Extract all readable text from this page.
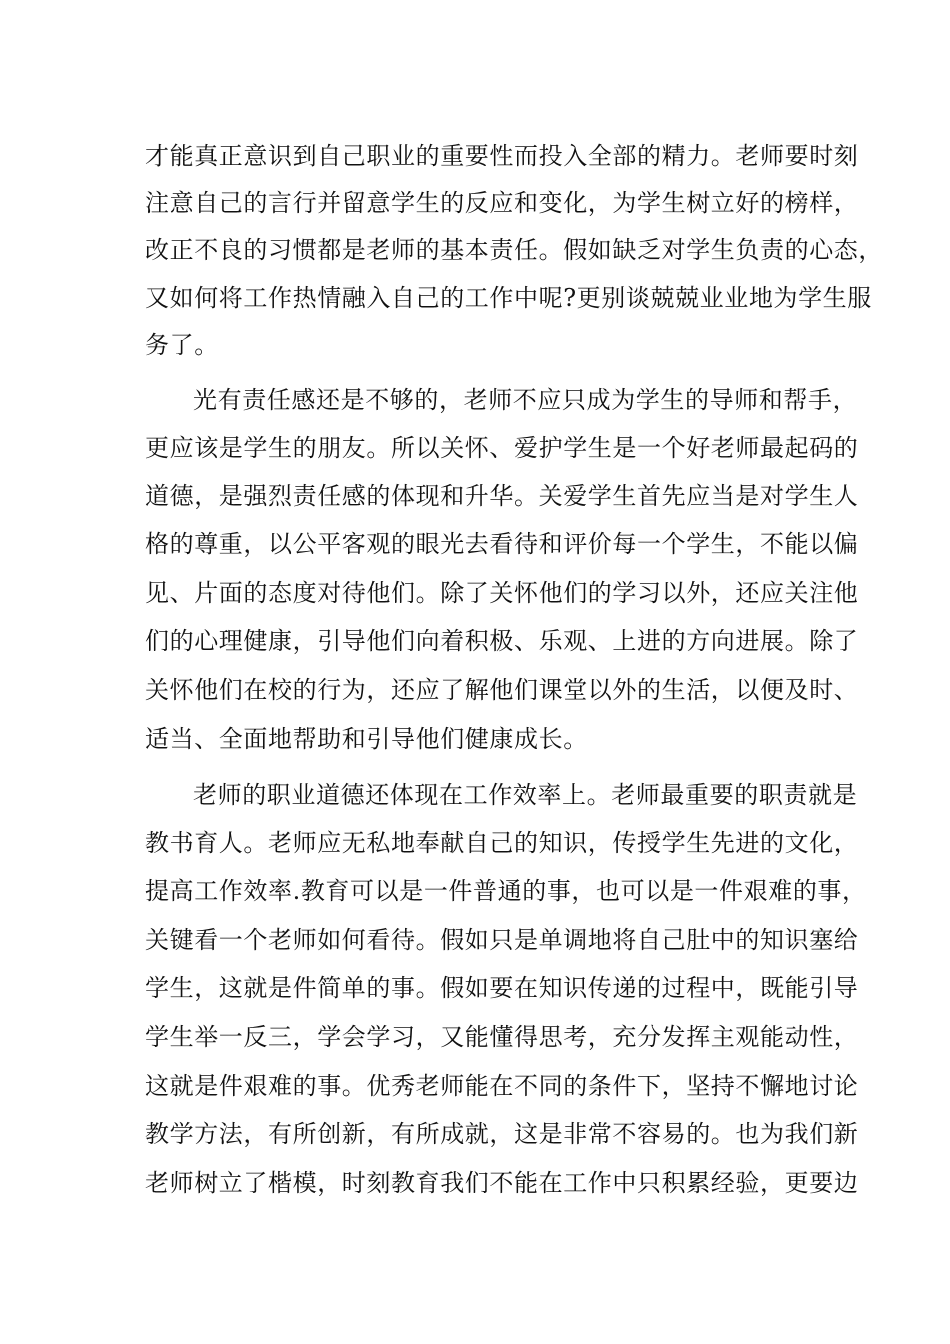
才能真正意识到自己职业的重要性而投入全部的精力。老师要时刻
注意自己的言行并留意学生的反应和变化，为学生树立好的榜样，
改正不良的习惯都是老师的基本责任。假如缺乏对学生负责的心态，
又如何将工作热情融入自己的工作中呢?更别谈兢兢业业地为学生服
务了。
光有责任感还是不够的，老师不应只成为学生的导师和帮手，
更应该是学生的朋友。所以关怀、爱护学生是一个好老师最起码的
道德，是强烈责任感的体现和升华。关爱学生首先应当是对学生人
格的尊重，以公平客观的眼光去看待和评价每一个学生，不能以偏
见、片面的态度对待他们。除了关怀他们的学习以外，还应关注他
们的心理健康，引导他们向着积极、乐观、上进的方向进展。除了
关怀他们在校的行为，还应了解他们课堂以外的生活，以便及时、
适当、全面地帮助和引导他们健康成长。
老师的职业道德还体现在工作效率上。老师最重要的职责就是
教书育人。老师应无私地奉献自己的知识，传授学生先进的文化，
提高工作效率.教育可以是一件普通的事，也可以是一件艰难的事，
关键看一个老师如何看待。假如只是单调地将自己肚中的知识塞给
学生，这就是件简单的事。假如要在知识传递的过程中，既能引导
学生举一反三，学会学习，又能懂得思考，充分发挥主观能动性，
这就是件艰难的事。优秀老师能在不同的条件下，坚持不懈地讨论
教学方法，有所创新，有所成就，这是非常不容易的。也为我们新
老师树立了楷模，时刻教育我们不能在工作中只积累经验，更要边
